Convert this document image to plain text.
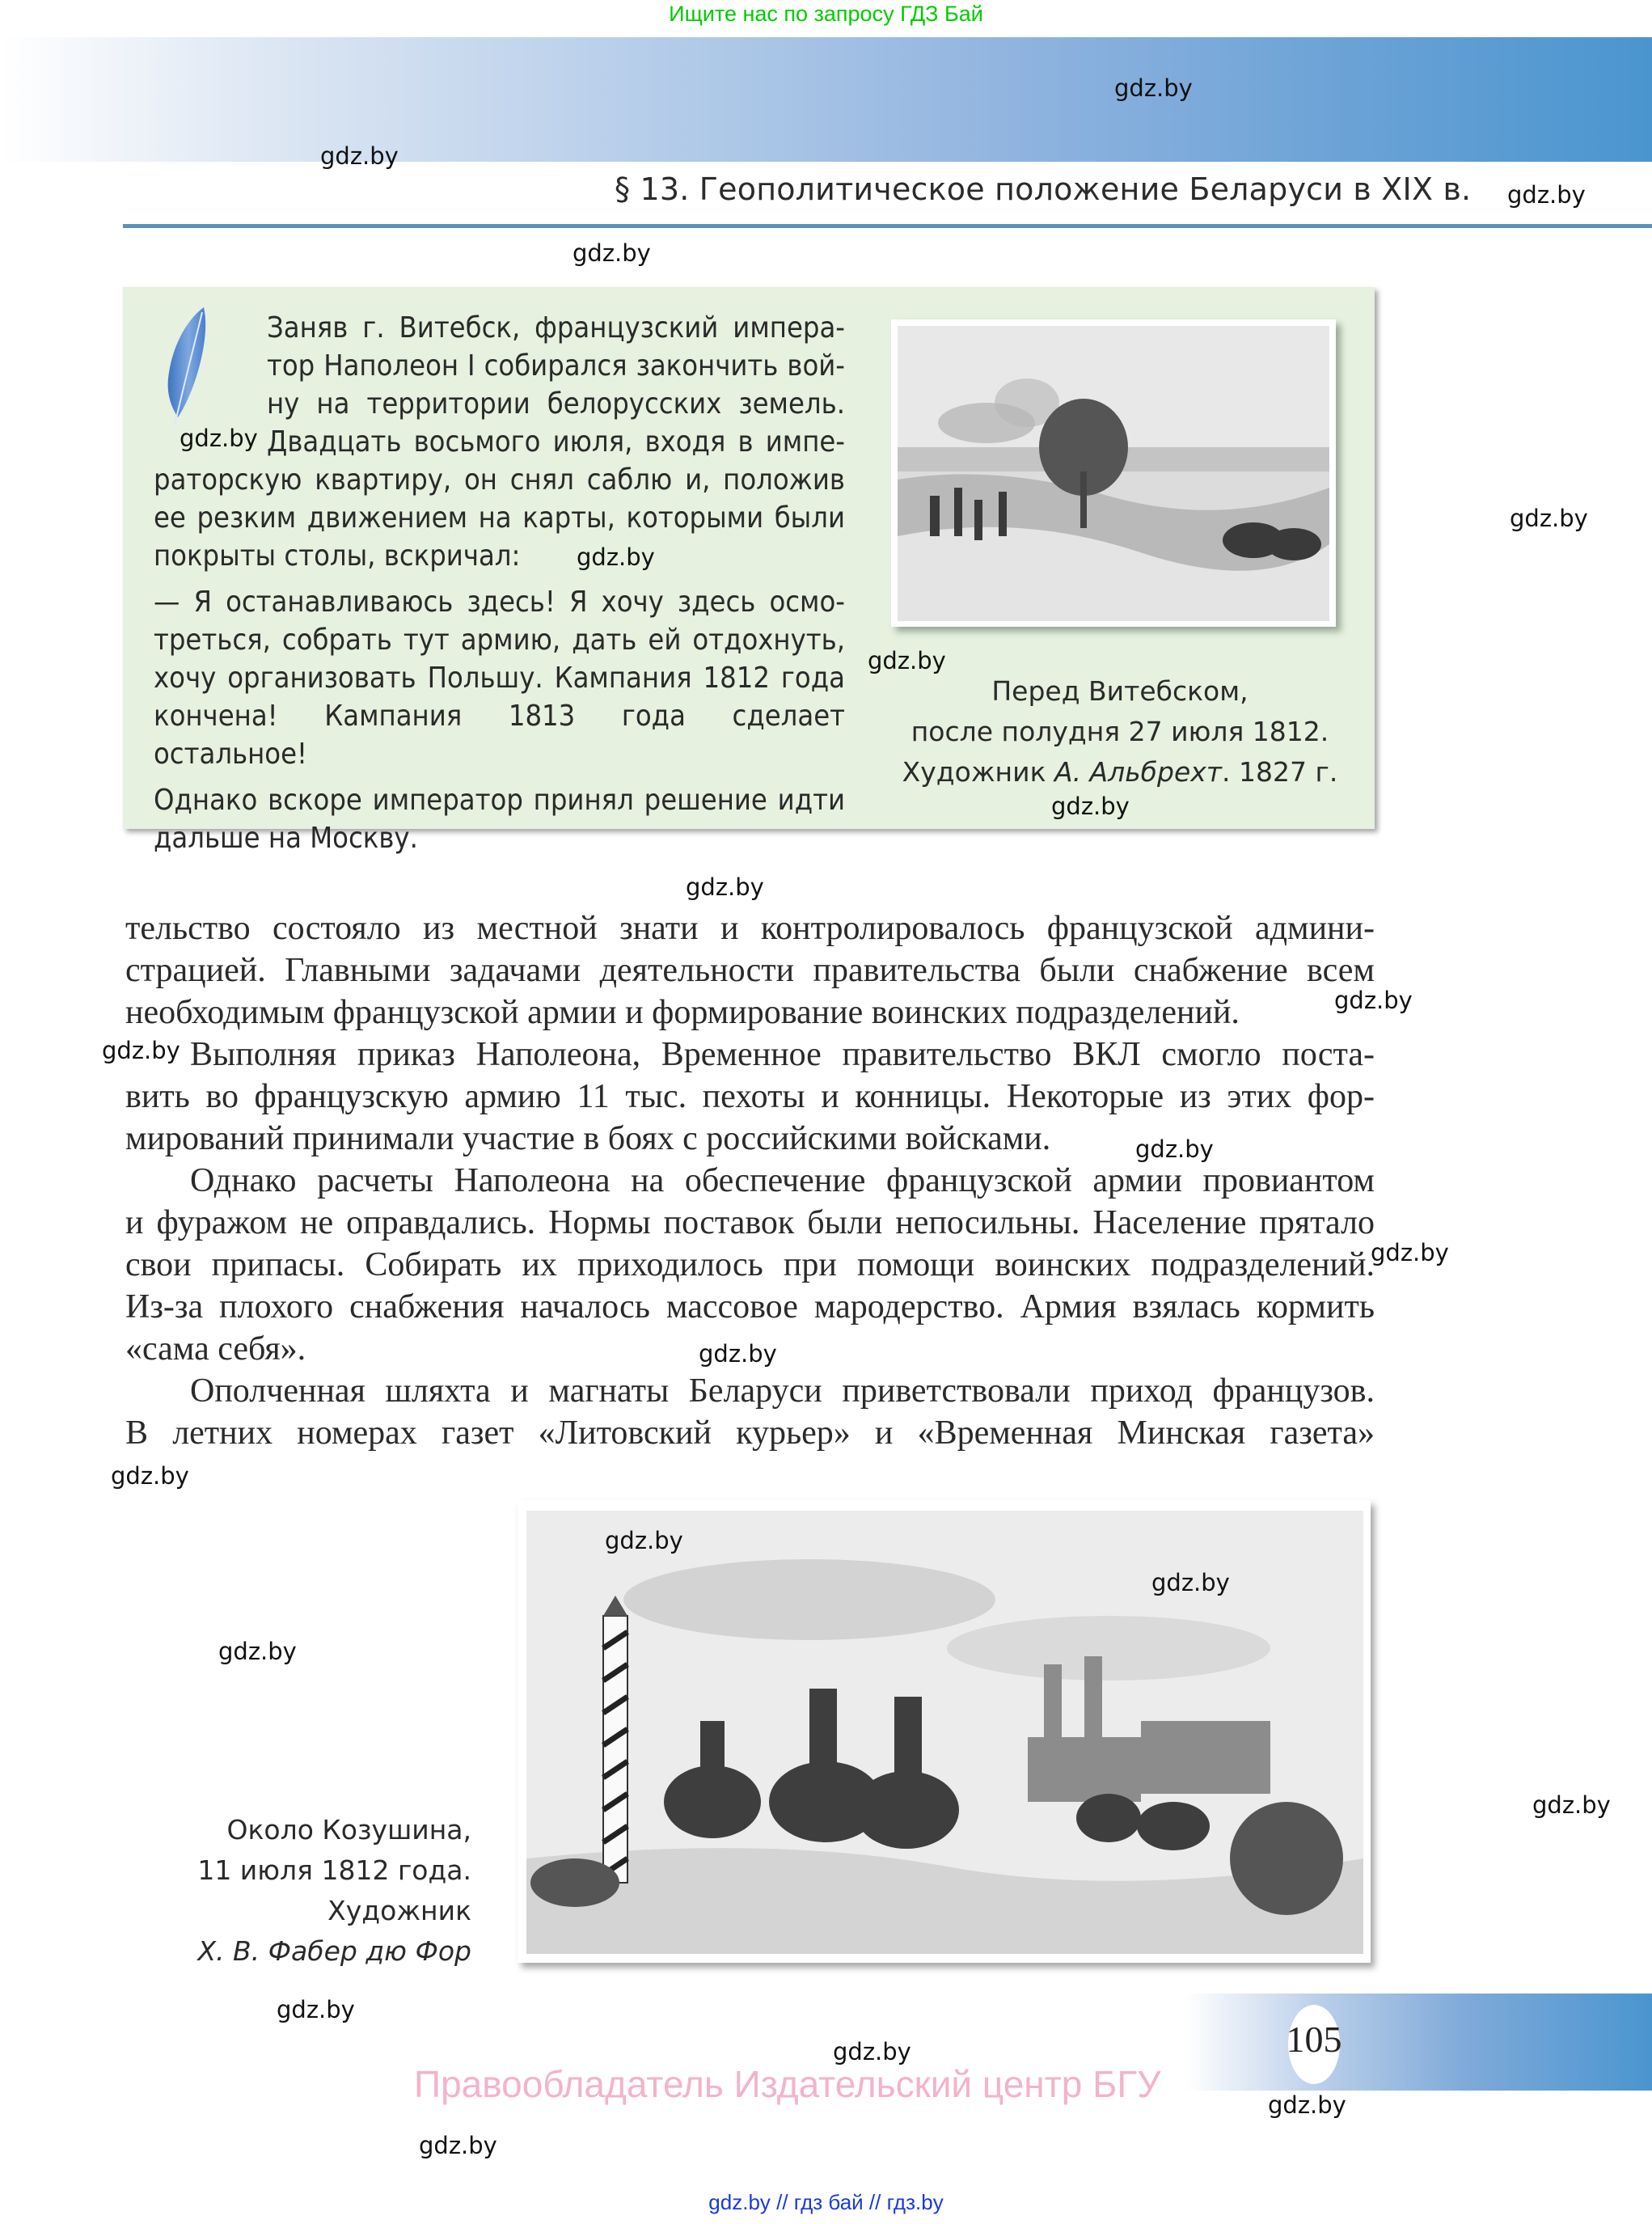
Ищите нас по запросу ГДЗ Бай
§ 13. Геополитическое положение Беларуси в XIX в.

Заняв г. Витебск, французский импера-
тор Наполеон I собирался закончить вой-
ну на территории белорусских земель.
Двадцать восьмого июля, входя в импе-
раторскую квартиру, он снял саблю и, положив
ее резким движением на карты, которыми были
покрыты столы, вскричал:

— Я останавливаюсь здесь! Я хочу здесь осмо-
треться, собрать тут армию, дать ей отдохнуть,
хочу организовать Польшу. Кампания 1812 года
кончена! Кампания 1813 года сделает остальное!

Однако вскоре император принял решение идти
дальше на Москву.

Перед Витебском,
после полудня 27 июля 1812.
Художник А. Альбрехт. 1827 г.
тельство состояло из местной знати и контролировалось французской админи-
страцией. Главными задачами деятельности правительства были снабжение всем
необходимым французской армии и формирование воинских подразделений.
Выполняя приказ Наполеона, Временное правительство ВКЛ смогло поста-
вить во французскую армию 11 тыс. пехоты и конницы. Некоторые из этих фор-
мирований принимали участие в боях с российскими войсками.
Однако расчеты Наполеона на обеспечение французской армии провиантом
и фуражом не оправдались. Нормы поставок были непосильны. Население прятало
свои припасы. Собирать их приходилось при помощи воинских подразделений.
Из-за плохого снабжения началось массовое мародерство. Армия взялась кормить
«сама себя».
Ополченная шляхта и магнаты Беларуси приветствовали приход французов.
В летних номерах газет «Литовский курьер» и «Временная Минская газета»
Около Козушина,
11 июля 1812 года.
Художник
Х. В. Фабер дю Фор
105
Правообладатель Издательский центр БГУ
gdz.by // гдз бай // гдз.by
gdz.by
gdz.by
gdz.by
gdz.by
gdz.by
gdz.by
gdz.by
gdz.by
gdz.by
gdz.by
gdz.by
gdz.by
gdz.by
gdz.by
gdz.by
gdz.by
gdz.by
gdz.by
gdz.by
gdz.by
gdz.by
gdz.by
gdz.by
gdz.by
